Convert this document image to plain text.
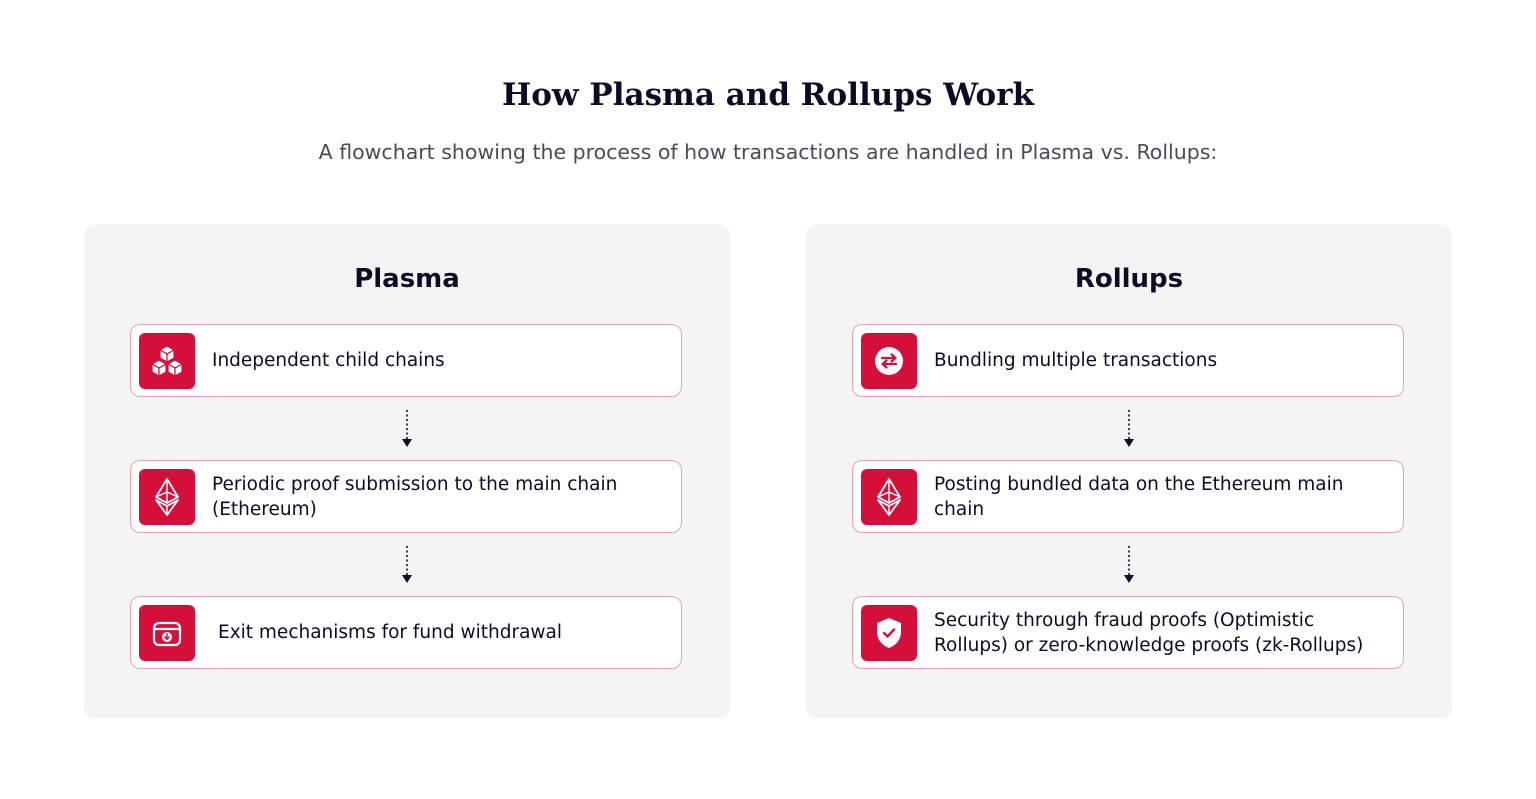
How Plasma and Rollups Work
A flowchart showing the process of how transactions are handled in Plasma vs. Rollups:
Plasma
Independent child chains
Periodic proof submission to the main chain (Ethereum)
Exit mechanisms for fund withdrawal
Rollups
Bundling multiple transactions
Posting bundled data on the Ethereum main chain
Security through fraud proofs (Optimistic Rollups) or zero-knowledge proofs (zk-Rollups)
